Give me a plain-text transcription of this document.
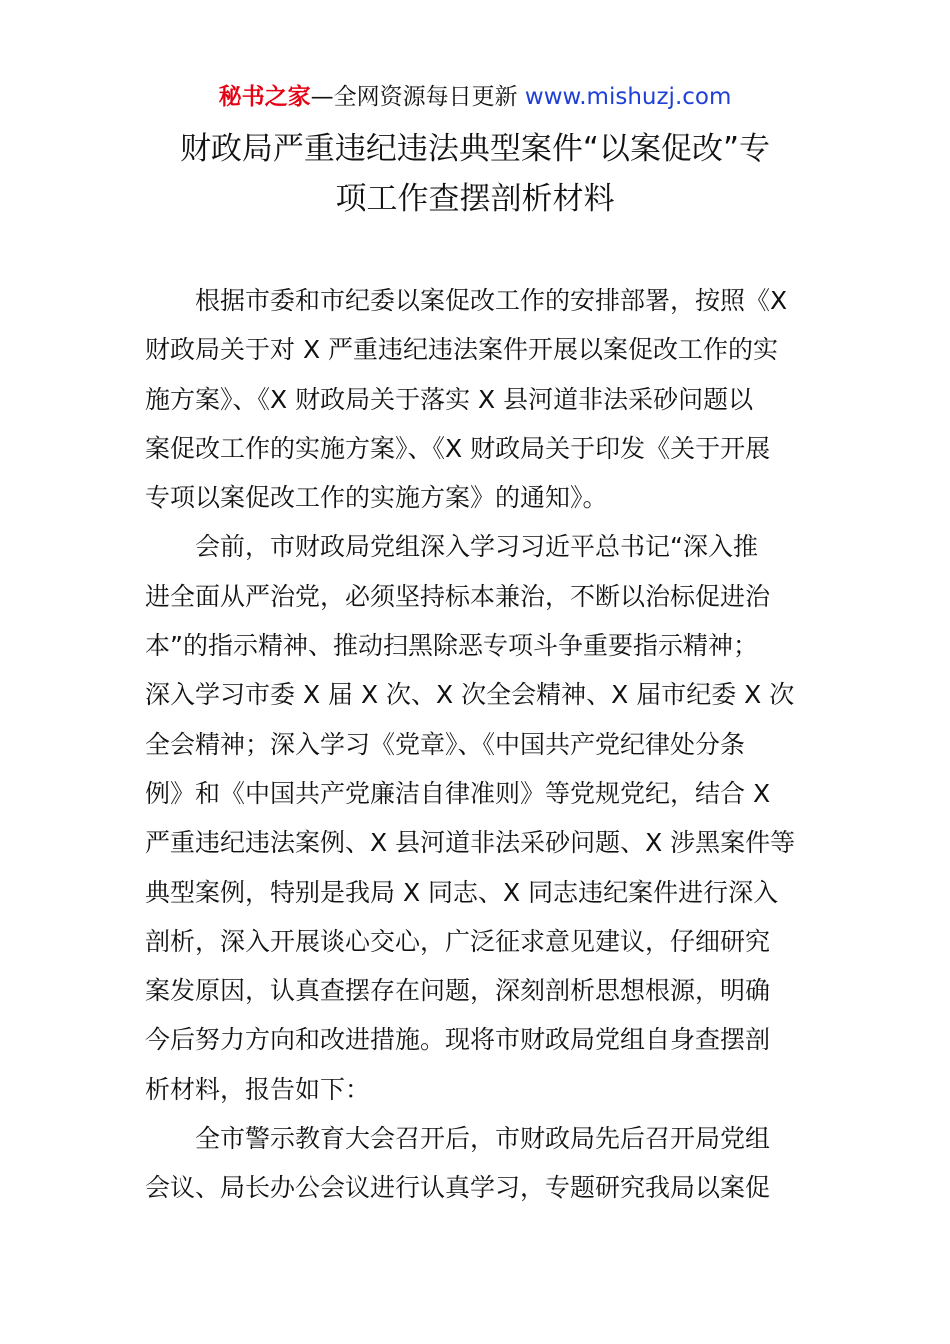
秘书之家—全网资源每日更新 www.mishuzj.com
财政局严重违纪违法典型案件“以案促改”专
项工作查摆剖析材料
根据市委和市纪委以案促改工作的安排部署，按照《X
财政局关于对 X 严重违纪违法案件开展以案促改工作的实
施方案》、《X 财政局关于落实 X 县河道非法采砂问题以
案促改工作的实施方案》、《X 财政局关于印发《关于开展
专项以案促改工作的实施方案》的通知》。
会前，市财政局党组深入学习习近平总书记“深入推
进全面从严治党，必须坚持标本兼治，不断以治标促进治
本”的指示精神、推动扫黑除恶专项斗争重要指示精神；
深入学习市委 X 届 X 次、X 次全会精神、X 届市纪委 X 次
全会精神；深入学习《党章》、《中国共产党纪律处分条
例》和《中国共产党廉洁自律准则》等党规党纪，结合 X
严重违纪违法案例、X 县河道非法采砂问题、X 涉黑案件等
典型案例，特别是我局 X 同志、X 同志违纪案件进行深入
剖析，深入开展谈心交心，广泛征求意见建议，仔细研究
案发原因，认真查摆存在问题，深刻剖析思想根源，明确
今后努力方向和改进措施。现将市财政局党组自身查摆剖
析材料，报告如下：
全市警示教育大会召开后，市财政局先后召开局党组
会议、局长办公会议进行认真学习，专题研究我局以案促
